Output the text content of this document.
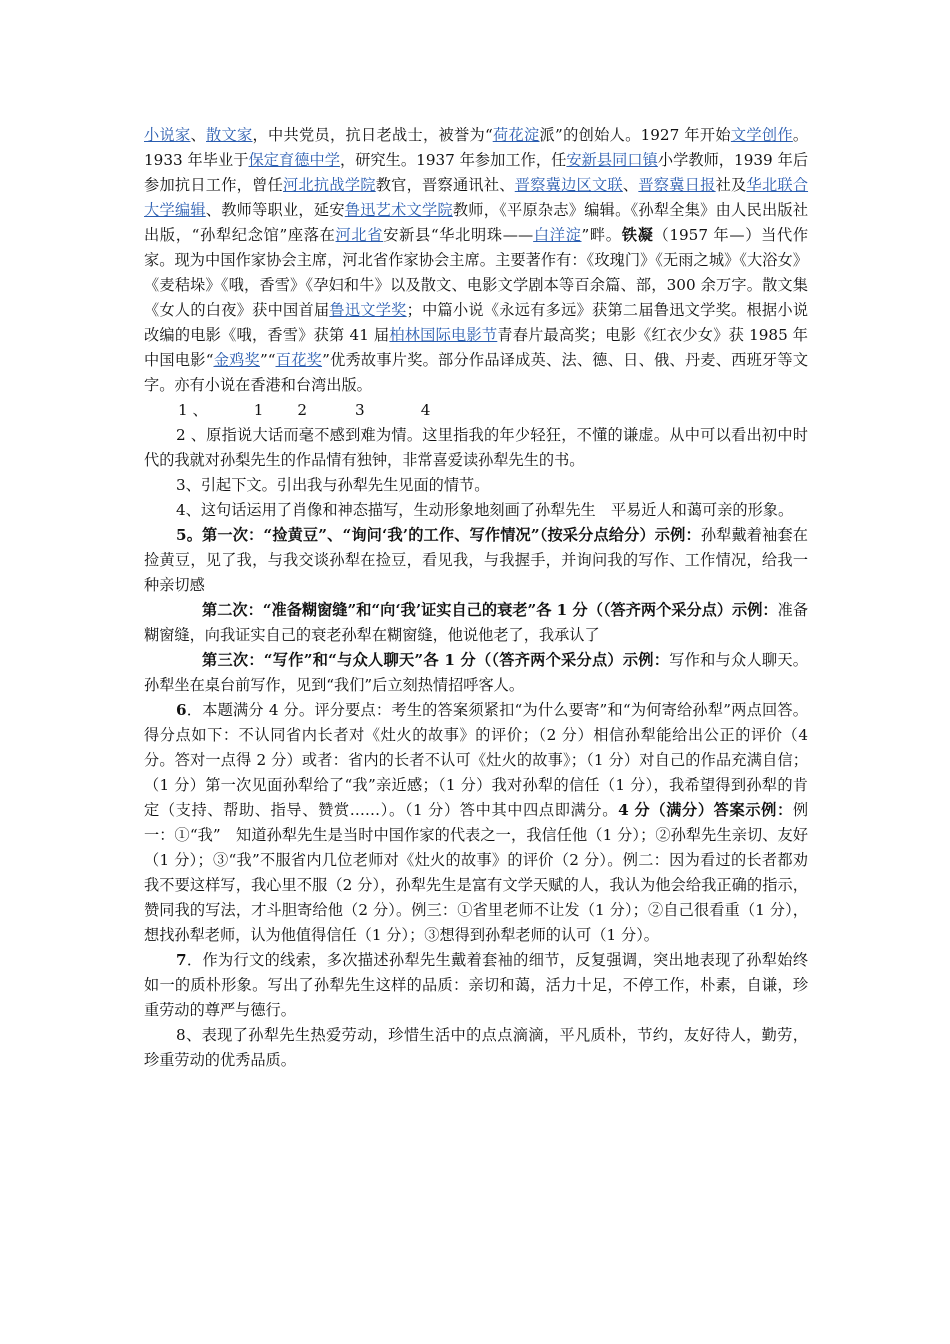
小说家、散文家，中共党员，抗日老战士，被誉为“荷花淀派”的创始人。1927 年开始文学创作。1933 年毕业于保定育德中学，研究生。1937 年参加工作，任安新县同口镇小学教师，1939 年后参加抗日工作，曾任河北抗战学院教官，晋察通讯社、晋察冀边区文联、晋察冀日报社及华北联合大学编辑、教师等职业，延安鲁迅艺术文学院教师，《平原杂志》编辑。《孙犁全集》由人民出版社出版，“孙犁纪念馆”座落在河北省安新县“华北明珠——白洋淀”畔。铁凝（1957 年—）当代作家。现为中国作家协会主席，河北省作家协会主席。主要著作有：《玫瑰门》《无雨之城》《大浴女》《麦秸垛》《哦，香雪》《孕妇和牛》以及散文、电影文学剧本等百余篇、部，300 余万字。散文集《女人的白夜》获中国首届鲁迅文学奖；中篇小说《永远有多远》获第二届鲁迅文学奖。根据小说改编的电影《哦，香雪》获第 41 届柏林国际电影节青春片最高奖；电影《红衣少女》获 1985 年中国电影“金鸡奖”“百花奖”优秀故事片奖。部分作品译成英、法、德、日、俄、丹麦、西班牙等文字。亦有小说在香港和台湾出版。

1 、	1 2	3	4

2 、原指说大话而毫不感到难为情。这里指我的年少轻狂，不懂的谦虚。从中可以看出初中时代的我就对孙梨先生的作品情有独钟，非常喜爱读孙犁先生的书。

3、引起下文。引出我与孙犁先生见面的情节。

4、这句话运用了肖像和神态描写，生动形象地刻画了孙犁先生　平易近人和蔼可亲的形象。

5。第一次：“捡黄豆”、“询问‘我’的工作、写作情况”（按采分点给分）示例：孙犁戴着袖套在捡黄豆，见了我，与我交谈孙犁在捡豆，看见我，与我握手，并询问我的写作、工作情况，给我一种亲切感

第二次：“准备糊窗缝”和“向‘我’证实自己的衰老”各 1 分（（答齐两个采分点）示例：准备糊窗缝，向我证实自己的衰老孙犁在糊窗缝，他说他老了，我承认了

第三次：“写作”和“与众人聊天”各 1 分（（答齐两个采分点）示例：写作和与众人聊天。孙犁坐在桌台前写作，见到“我们”后立刻热情招呼客人。

6．本题满分 4 分。评分要点：考生的答案须紧扣“为什么要寄”和“为何寄给孙犁”两点回答。得分点如下：不认同省内长者对《灶火的故事》的评价；（2 分）相信孙犁能给出公正的评价（4 分。答对一点得 2 分）或者：省内的长者不认可《灶火的故事》；（1 分）对自己的作品充满自信；（1 分）第一次见面孙犁给了“我”亲近感；（1 分）我对孙犁的信任（1 分），我希望得到孙犁的肯定（支持、帮助、指导、赞赏……）。（1 分）答中其中四点即满分。4 分（满分）答案示例：例一：①“我”　知道孙犁先生是当时中国作家的代表之一，我信任他（1 分）；②孙犁先生亲切、友好（1 分）；③“我”不服省内几位老师对《灶火的故事》的评价（2 分）。例二：因为看过的长者都劝我不要这样写，我心里不服（2 分），孙犁先生是富有文学天赋的人，我认为他会给我正确的指示，赞同我的写法，才斗胆寄给他（2 分）。例三：①省里老师不让发（1 分）；②自己很看重（1 分），想找孙犁老师，认为他值得信任（1 分）；③想得到孙犁老师的认可（1 分）。

7．作为行文的线索，多次描述孙犁先生戴着套袖的细节，反复强调，突出地表现了孙犁始终如一的质朴形象。写出了孙犁先生这样的品质：亲切和蔼，活力十足，不停工作，朴素，自谦，珍重劳动的尊严与德行。

8、表现了孙犁先生热爱劳动，珍惜生活中的点点滴滴，平凡质朴，节约，友好待人，勤劳，珍重劳动的优秀品质。
